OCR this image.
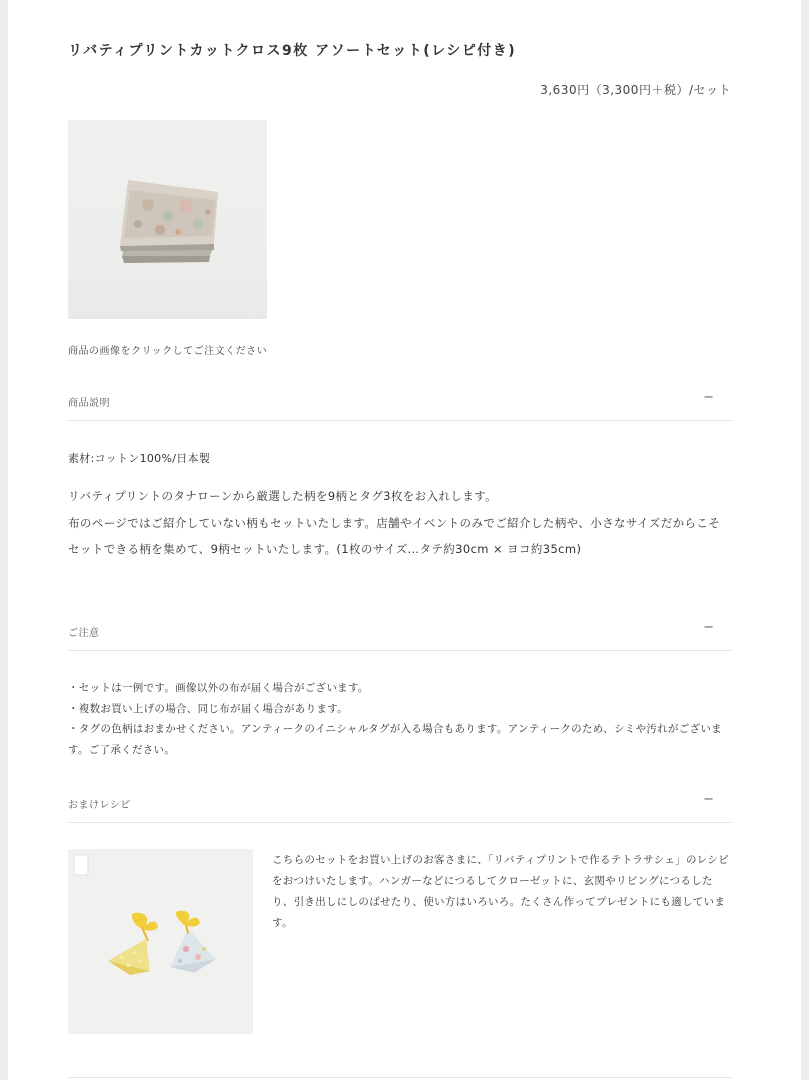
リバティプリントカットクロス9枚 アソートセット(レシピ付き)
3,630円（3,300円＋税）/セット
商品の画像をクリックしてご注文ください
商品説明	−
素材:コットン100%/日本製

リバティプリントのタナローンから厳選した柄を9柄とタグ3枚をお入れします。

布のページではご紹介していない柄もセットいたします。店舗やイベントのみでご紹介した柄や、小さなサイズだからこそセットできる柄を集めて、9柄セットいたします。(1枚のサイズ…タテ約30cm × ヨコ約35cm)

ご注意	−

・セットは一例です。画像以外の布が届く場合がございます。

・複数お買い上げの場合、同じ布が届く場合があります。

・タグの色柄はおまかせください。アンティークのイニシャルタグが入る場合もあります。アンティークのため、シミや汚れがございます。ご了承ください。

おまけレシピ	−

こちらのセットをお買い上げのお客さまに、「リバティプリントで作るテトラサシェ」のレシピをおつけいたします。ハンガーなどにつるしてクローゼットに、玄関やリビングにつるしたり、引き出しにしのばせたり、使い方はいろいろ。たくさん作ってプレゼントにも適しています。
